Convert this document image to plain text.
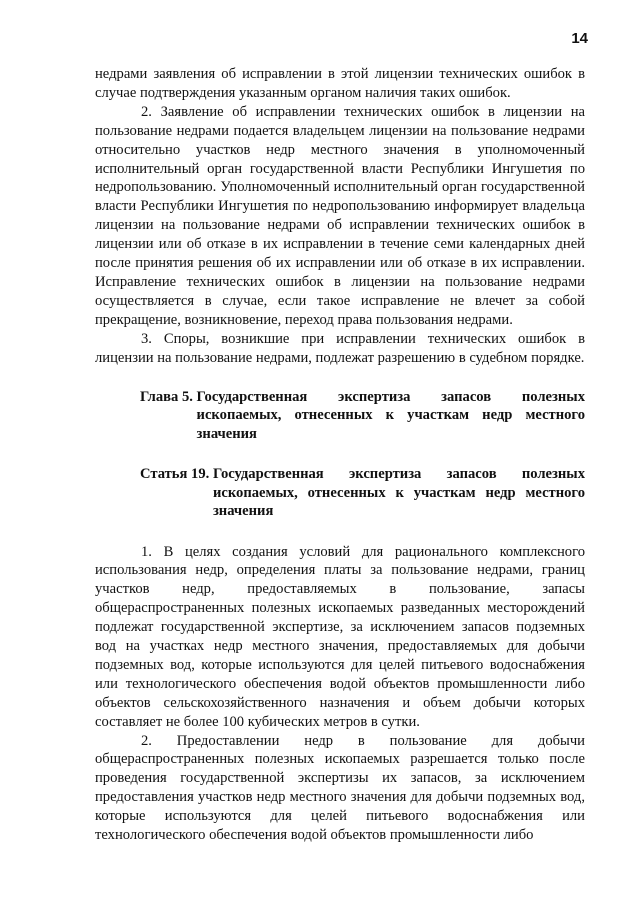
14

недрами заявления об исправлении в этой лицензии технических ошибок в случае подтверждения указанным органом наличия таких ошибок.

2. Заявление об исправлении технических ошибок в лицензии на пользование недрами подается владельцем лицензии на пользование недрами относительно участков недр местного значения в уполномоченный исполнительный орган государственной власти Республики Ингушетия по недропользованию. Уполномоченный исполнительный орган государственной власти Республики Ингушетия по недропользованию информирует владельца лицензии на пользование недрами об исправлении технических ошибок в лицензии или об отказе в их исправлении в течение семи календарных дней после принятия решения об их исправлении или об отказе в их исправлении. Исправление технических ошибок в лицензии на пользование недрами осуществляется в случае, если такое исправление не влечет за собой прекращение, возникновение, переход права пользования недрами.

3. Споры, возникшие при исправлении технических ошибок в лицензии на пользование недрами, подлежат разрешению в судебном порядке.

Глава 5. Государственная экспертиза запасов полезных ископаемых, отнесенных к участкам недр местного значения
Статья 19. Государственная экспертиза запасов полезных ископаемых, отнесенных к участкам недр местного значения

1. В целях создания условий для рационального комплексного использования недр, определения платы за пользование недрами, границ участков недр, предоставляемых в пользование, запасы общераспространенных полезных ископаемых разведанных месторождений подлежат государственной экспертизе, за исключением запасов подземных вод на участках недр местного значения, предоставляемых для добычи подземных вод, которые используются для целей питьевого водоснабжения или технологического обеспечения водой объектов промышленности либо объектов сельскохозяйственного назначения и объем добычи которых составляет не более 100 кубических метров в сутки.

2. Предоставлении недр в пользование для добычи общераспространенных полезных ископаемых разрешается только после проведения государственной экспертизы их запасов, за исключением предоставления участков недр местного значения для добычи подземных вод, которые используются для целей питьевого водоснабжения или технологического обеспечения водой объектов промышленности либо
